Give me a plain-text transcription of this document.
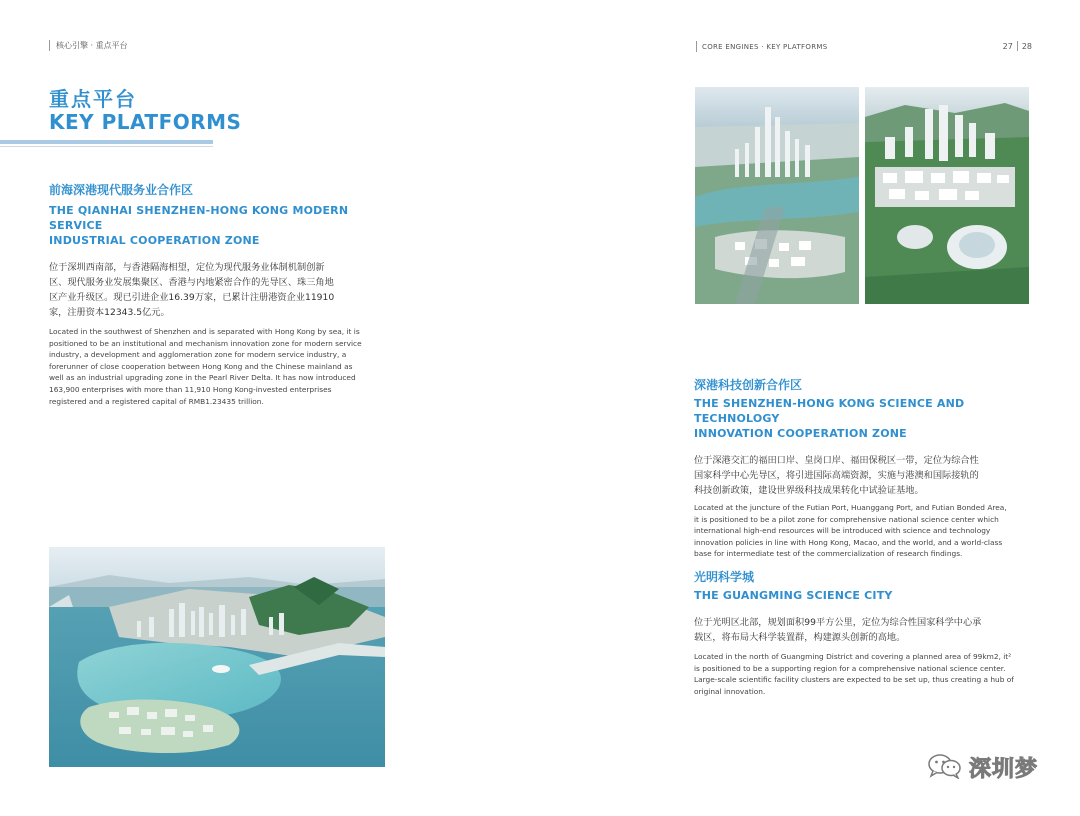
核心引擎 · 重点平台
重点平台
KEY PLATFORMS
前海深港现代服务业合作区
THE QIANHAI SHENZHEN-HONG KONG MODERN SERVICE
INDUSTRIAL COOPERATION ZONE
位于深圳西南部，与香港隔海相望，定位为现代服务业体制机制创新
区、现代服务业发展集聚区、香港与内地紧密合作的先导区、珠三角地
区产业升级区。现已引进企业16.39万家，已累计注册港资企业11910
家，注册资本12343.5亿元。
Located in the southwest of Shenzhen and is separated with Hong Kong by sea, it is
positioned to be an institutional and mechanism innovation zone for modern service
industry, a development and agglomeration zone for modern service industry, a
forerunner of close cooperation between Hong Kong and the Chinese mainland as
well as an industrial upgrading zone in the Pearl River Delta. It has now introduced
163,900 enterprises with more than 11,910 Hong Kong-invested enterprises
registered and a registered capital of RMB1.23435 trillion.
CORE ENGINES · KEY PLATFORMS	27 28
深港科技创新合作区
THE SHENZHEN-HONG KONG SCIENCE AND TECHNOLOGY
INNOVATION COOPERATION ZONE
位于深港交汇的福田口岸、皇岗口岸、福田保税区一带，定位为综合性
国家科学中心先导区，将引进国际高端资源，实施与港澳和国际接轨的
科技创新政策，建设世界级科技成果转化中试验证基地。
Located at the juncture of the Futian Port, Huanggang Port, and Futian Bonded Area,
it is positioned to be a pilot zone for comprehensive national science center which
international high-end resources will be introduced with science and technology
innovation policies in line with Hong Kong, Macao, and the world, and a world-class
base for intermediate test of the commercialization of research findings.
光明科学城
THE GUANGMING SCIENCE CITY
位于光明区北部，规划面积99平方公里，定位为综合性国家科学中心承
载区，将布局大科学装置群，构建源头创新的高地。
Located in the north of Guangming District and covering a planned area of 99km2, it²
is positioned to be a supporting region for a comprehensive national science center.
Large-scale scientific facility clusters are expected to be set up, thus creating a hub of
original innovation.
深圳梦
